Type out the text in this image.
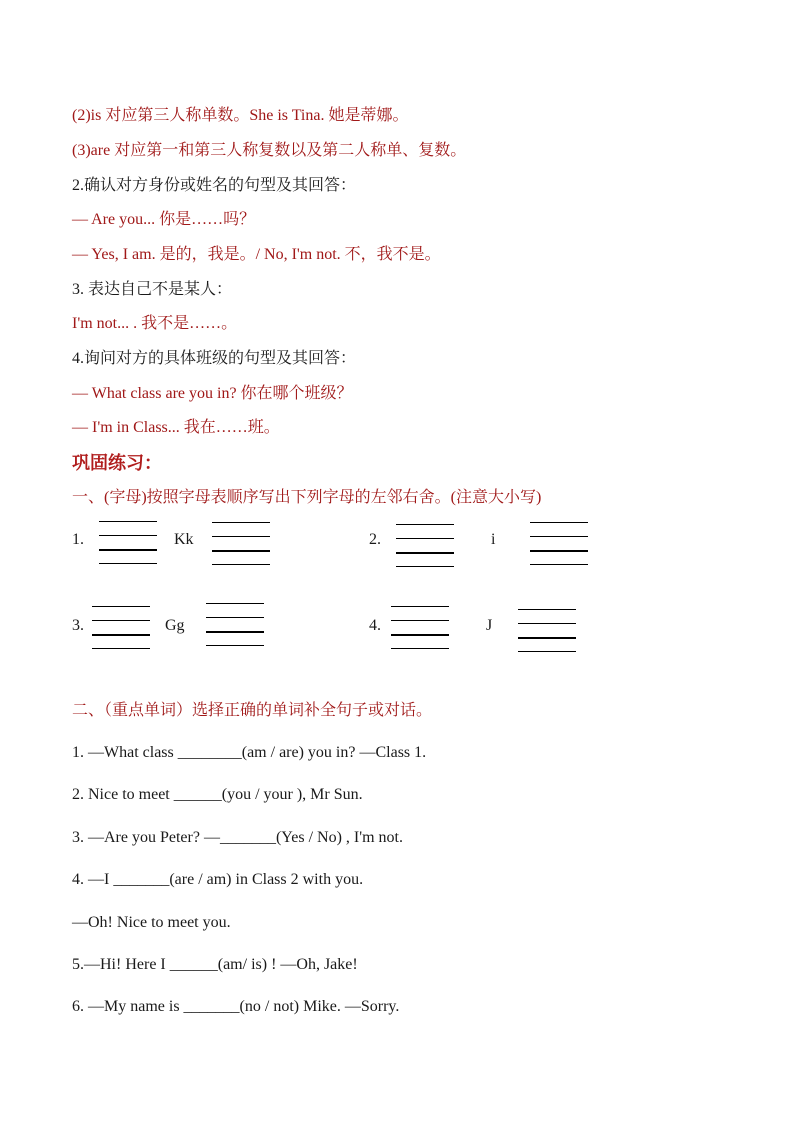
(2)is 对应第三人称单数。She is Tina. 她是蒂娜。
(3)are 对应第一和第三人称复数以及第二人称单、复数。
2.确认对方身份或姓名的句型及其回答：
— Are you... 你是……吗？
— Yes, I am. 是的，我是。/ No, I'm not. 不，我不是。
3. 表达自己不是某人：
I'm not... . 我不是……。
4.询问对方的具体班级的句型及其回答：
— What class are you in? 你在哪个班级？
— I'm in Class... 我在……班。
巩固练习：
一、(字母)按照字母表顺序写出下列字母的左邻右舍。(注意大小写)
1.	Kk	2.	i
3.	Gg	4.	J
二、（重点单词）选择正确的单词补全句子或对话。
1. —What class ________(am / are) you in? —Class 1.
2. Nice to meet ______(you / your ), Mr Sun.
3. —Are you Peter? —_______(Yes / No) , I'm not.
4. —I _______(are / am) in Class 2 with you.
—Oh! Nice to meet you.
5.—Hi! Here I ______(am/ is) ! —Oh, Jake!
6. —My name is _______(no / not) Mike. —Sorry.
